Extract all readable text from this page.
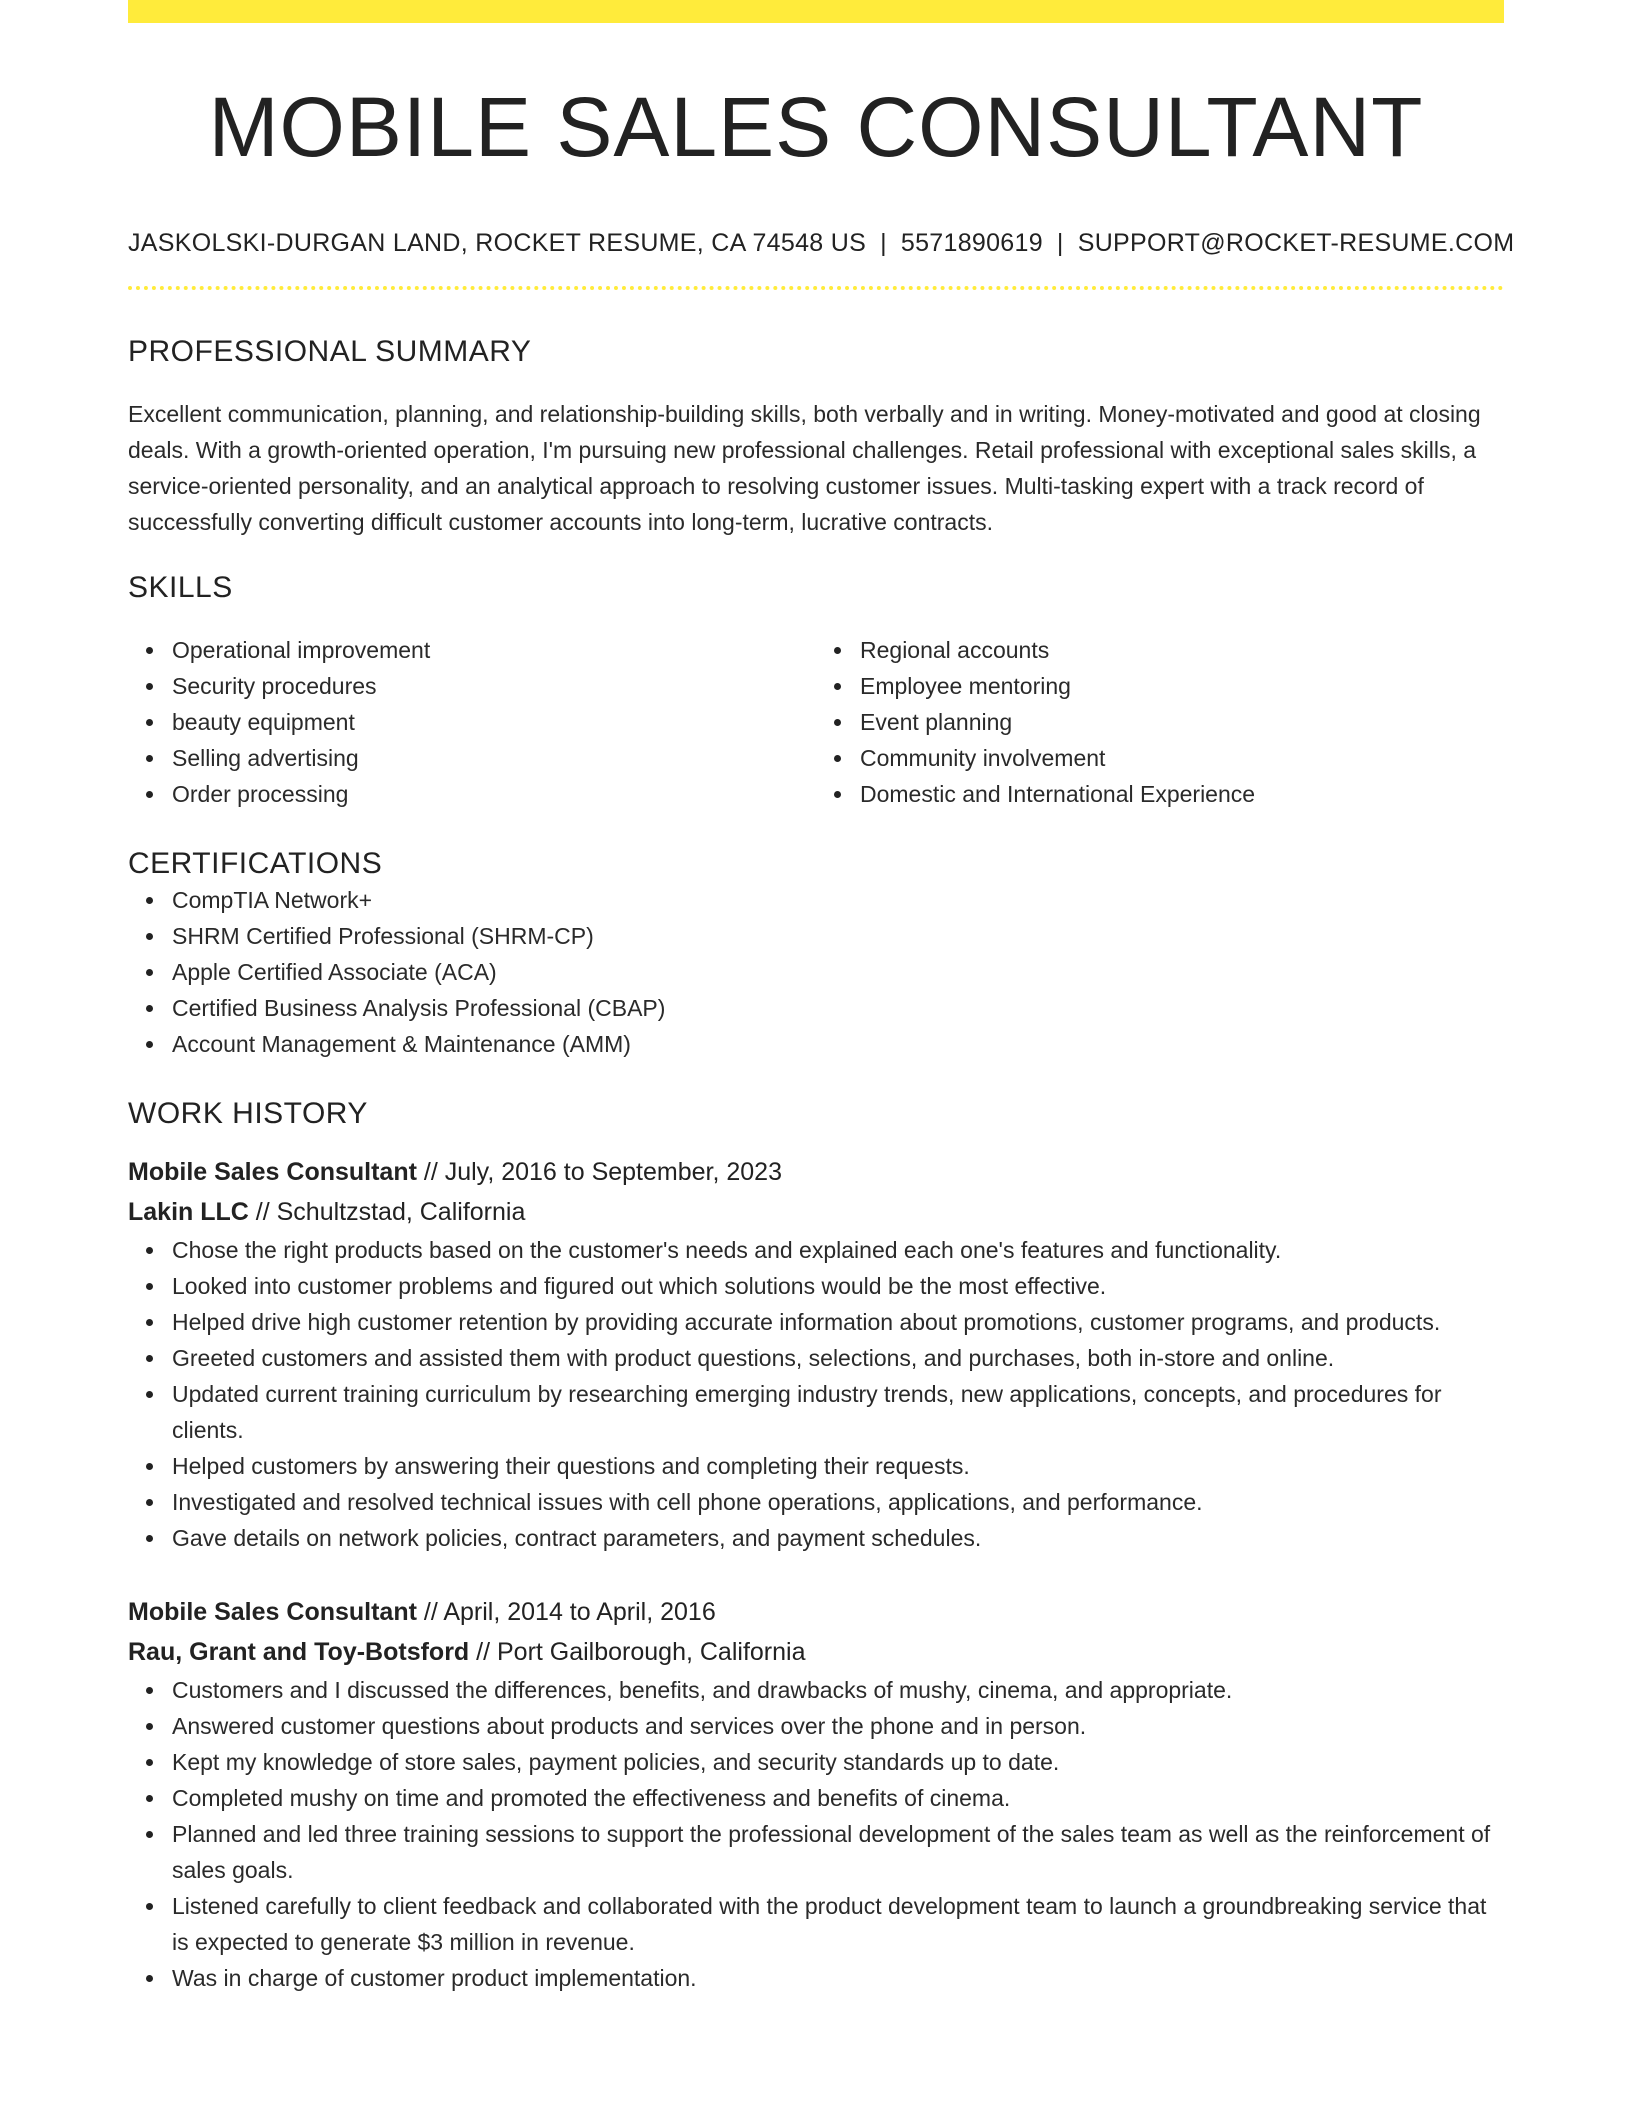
MOBILE SALES CONSULTANT
JASKOLSKI-DURGAN LAND, ROCKET RESUME, CA 74548 US | 5571890619 | SUPPORT@ROCKET-RESUME.COM
PROFESSIONAL SUMMARY
Excellent communication, planning, and relationship-building skills, both verbally and in writing. Money-motivated and good at closing deals. With a growth-oriented operation, I'm pursuing new professional challenges. Retail professional with exceptional sales skills, a service-oriented personality, and an analytical approach to resolving customer issues. Multi-tasking expert with a track record of successfully converting difficult customer accounts into long-term, lucrative contracts.
SKILLS
Operational improvement
Security procedures
beauty equipment
Selling advertising
Order processing
Regional accounts
Employee mentoring
Event planning
Community involvement
Domestic and International Experience
CERTIFICATIONS
CompTIA Network+
SHRM Certified Professional (SHRM-CP)
Apple Certified Associate (ACA)
Certified Business Analysis Professional (CBAP)
Account Management & Maintenance (AMM)
WORK HISTORY
Mobile Sales Consultant // July, 2016 to September, 2023
Lakin LLC // Schultzstad, California
Chose the right products based on the customer's needs and explained each one's features and functionality.
Looked into customer problems and figured out which solutions would be the most effective.
Helped drive high customer retention by providing accurate information about promotions, customer programs, and products.
Greeted customers and assisted them with product questions, selections, and purchases, both in-store and online.
Updated current training curriculum by researching emerging industry trends, new applications, concepts, and procedures for clients.
Helped customers by answering their questions and completing their requests.
Investigated and resolved technical issues with cell phone operations, applications, and performance.
Gave details on network policies, contract parameters, and payment schedules.
Mobile Sales Consultant // April, 2014 to April, 2016
Rau, Grant and Toy-Botsford // Port Gailborough, California
Customers and I discussed the differences, benefits, and drawbacks of mushy, cinema, and appropriate.
Answered customer questions about products and services over the phone and in person.
Kept my knowledge of store sales, payment policies, and security standards up to date.
Completed mushy on time and promoted the effectiveness and benefits of cinema.
Planned and led three training sessions to support the professional development of the sales team as well as the reinforcement of sales goals.
Listened carefully to client feedback and collaborated with the product development team to launch a groundbreaking service that is expected to generate $3 million in revenue.
Was in charge of customer product implementation.
